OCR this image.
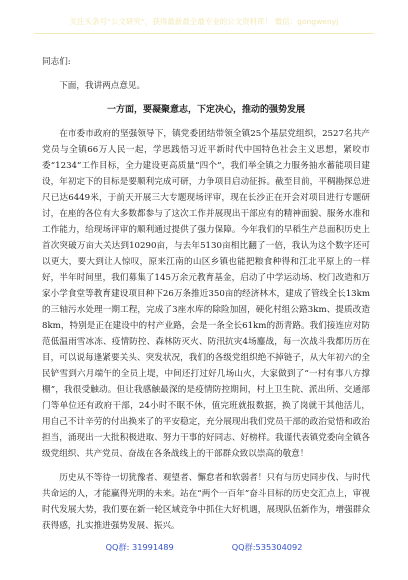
关注头条号“公文研究”，获得最新最全最专业的公文资料库！ 微信：gongwenyj
同志们:

下面，我讲两点意见。

一方面，要凝聚意志，下定决心，推动的强势发展

在市委市政府的坚强领导下，镇党委团结带领全镇25个基层党组织，2527名共产党员与全镇66万人民一起，学思践悟习近平新时代中国特色社会主义思想，紧咬市委“1234”工作目标，全力建设更高质量“四个”，我们举全镇之力服务抽水蓄能项目建设，年初定下的目标是要顺利完成可研，力争项目启动征拆。截至目前，平稠勘探总进尺已达6449米，于前天开展三大专题现场评审，现在长沙正在开会对项目进行专题研讨，在座的各位有大多数都参与了这次工作并展现出干部应有的精神面貌、服务水准和工作能力，给现场评审的顺利通过提供了强力保障。今年我们的早稻生产总面积历史上首次突破万亩大关达到10290亩，与去年5130亩相比翻了一倍，我认为这个数字还可以更大，要大到让人惊叹，原来江南的山区乡镇也能把粮食种得和江北平原上的一样好，半年时间里，我们募集了145万余元教育基金，启动了中学运动场、校门改造和万家小学食堂等教育建设项目种下26万条推近350亩的经济林木，建成了管线全长13km的三轴污水处理一期工程，完成了3座水库的除险加固，硬化村组公路3km、提质改造8km，特别是正在建设中的村产业路，会是一条全长61km的沥青路。我们接连应对防范低温雨雪冰冻、疫情防控、森林防灭火、防汛抗灾4场鏖战，每一次战斗我都历历在目，可以说每逢紧要关头、突发状况，我们的各级党组织绝不掉链子，从大年初六的全民铲雪到六月端午的全员上堤，中间还打过好几场山火，大家做到了“一村有事八方撑棚”，我很受触动。但让我感触最深的是疫情防控期间，村上卫生院、派出所、交通部门等单位还有政府干部，24小时不眠不休，值完班就报数据，换了岗就干其他活儿，用自己不计辛劳的付出换来了的平安稳定，充分展现出我们党员干部的政治觉悟和政治担当，涌现出一大批积极进取、努力干事的好同志、好榜样。我谨代表镇党委向全镇各级党组织、共产党员、奋战在各条战线上的干部群众致以崇高的敬意！

历史从不等待一切犹豫者、观望者、懈怠者和软弱者！只有与历史同步伐、与时代共命运的人，才能赢得光明的未来。站在“两个一百年”奋斗目标的历史交汇点上，审视时代发展大势，我们要在新一轮区域竞争中抓住大好机遇，展现队伍新作为，增强群众获得感，扎实推进强势发展、振兴。

QQ群: 31991489	QQ群:535304092
